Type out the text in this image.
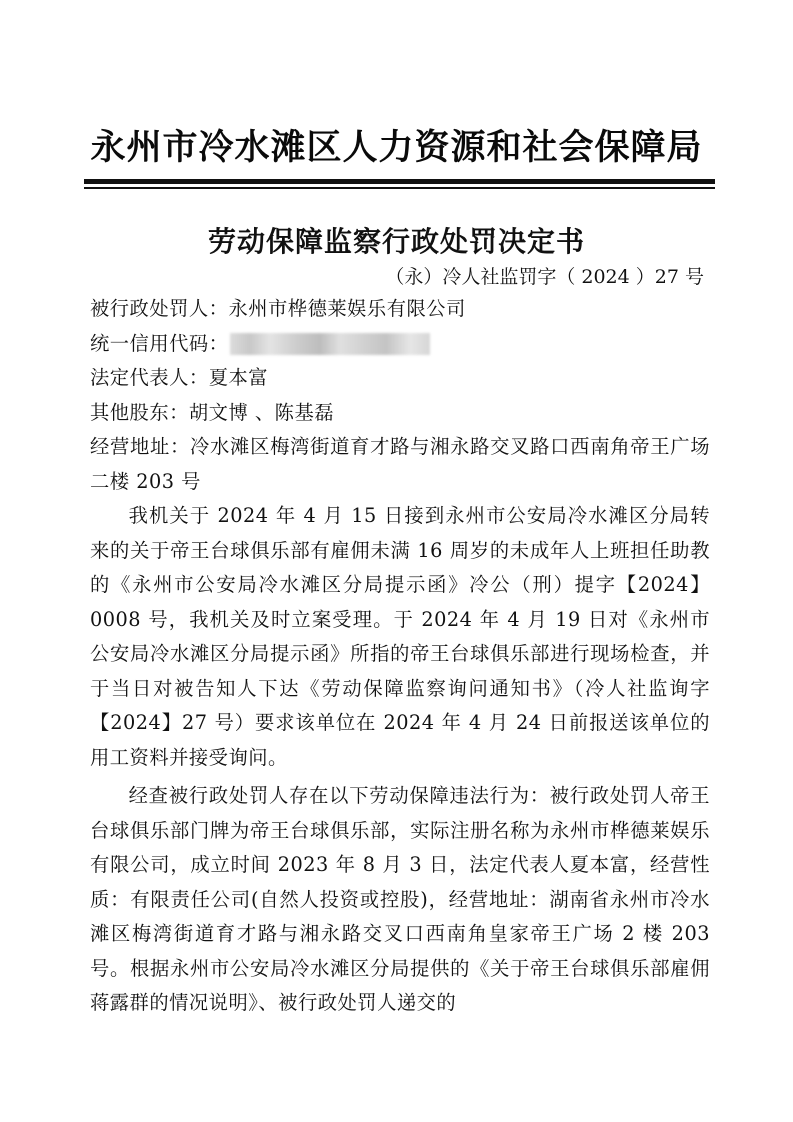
永州市冷水滩区人力资源和社会保障局
劳动保障监察行政处罚决定书
（永）冷人社监罚字（ 2024 ）27 号

被行政处罚人：永州市桦德莱娱乐有限公司

统一信用代码：

法定代表人：夏本富

其他股东：胡文博 、陈基磊

经营地址：冷水滩区梅湾街道育才路与湘永路交叉路口西南角帝王广场二楼 203 号

我机关于 2024 年 4 月 15 日接到永州市公安局冷水滩区分局转来的关于帝王台球俱乐部有雇佣未满 16 周岁的未成年人上班担任助教的《永州市公安局冷水滩区分局提示函》冷公（刑）提字【2024】0008 号，我机关及时立案受理。于 2024 年 4 月 19 日对《永州市公安局冷水滩区分局提示函》所指的帝王台球俱乐部进行现场检查，并于当日对被告知人下达《劳动保障监察询问通知书》（冷人社监询字【2024】27 号）要求该单位在 2024 年 4 月 24 日前报送该单位的用工资料并接受询问。

经查被行政处罚人存在以下劳动保障违法行为：被行政处罚人帝王台球俱乐部门牌为帝王台球俱乐部，实际注册名称为永州市桦德莱娱乐有限公司，成立时间 2023 年 8 月 3 日，法定代表人夏本富，经营性质：有限责任公司(自然人投资或控股)，经营地址：湖南省永州市冷水滩区梅湾街道育才路与湘永路交叉口西南角皇家帝王广场 2 楼 203 号。根据永州市公安局冷水滩区分局提供的《关于帝王台球俱乐部雇佣蒋露群的情况说明》、被行政处罚人递交的
